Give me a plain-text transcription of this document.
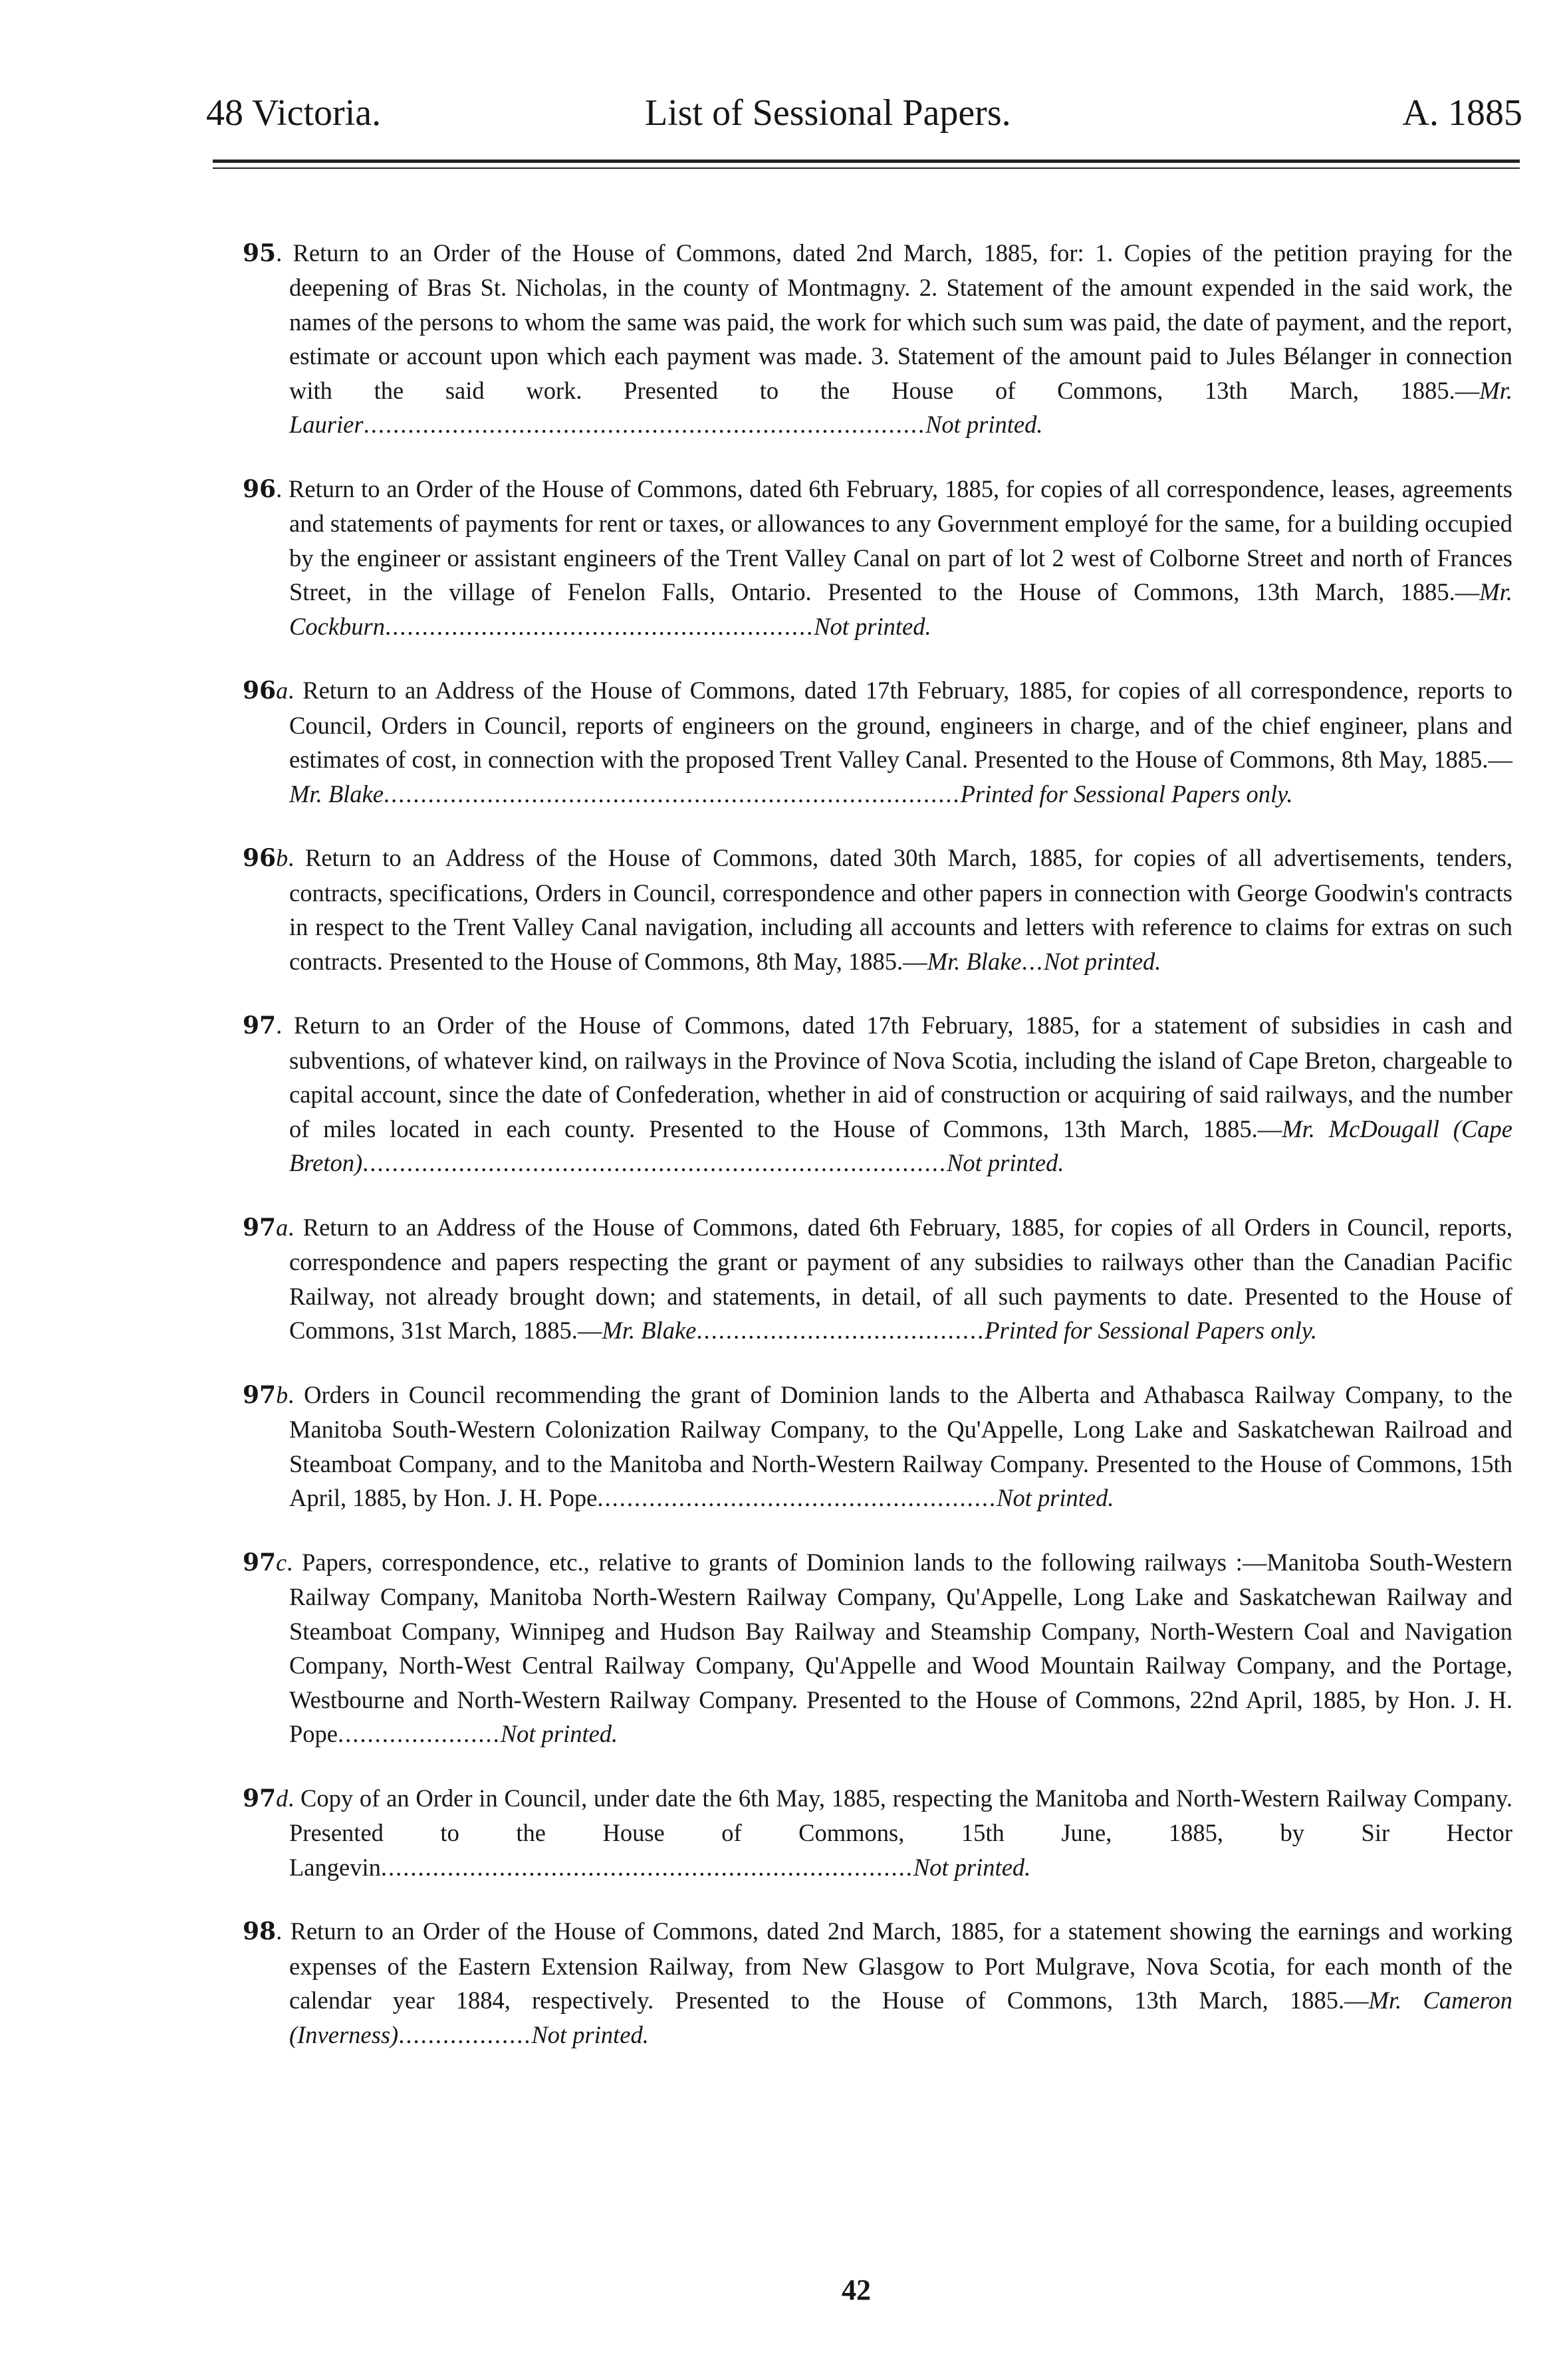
48 Victoria.	List of Sessional Papers.	A. 1885

95. Return to an Order of the House of Commons, dated 2nd March, 1885, for: 1. Copies of the petition praying for the deepening of Bras St. Nicholas, in the county of Montmagny. 2. Statement of the amount expended in the said work, the names of the persons to whom the same was paid, the work for which such sum was paid, the date of payment, and the report, estimate or account upon which each payment was made. 3. Statement of the amount paid to Jules Bélanger in connection with the said work. Presented to the House of Commons, 13th March, 1885.—Mr. Laurier............................................................................Not printed.

96. Return to an Order of the House of Commons, dated 6th February, 1885, for copies of all correspondence, leases, agreements and statements of payments for rent or taxes, or allowances to any Government employé for the same, for a building occupied by the engineer or assistant engineers of the Trent Valley Canal on part of lot 2 west of Colborne Street and north of Frances Street, in the village of Fenelon Falls, Ontario. Presented to the House of Commons, 13th March, 1885.—Mr. Cockburn..........................................................Not printed.

96a. Return to an Address of the House of Commons, dated 17th February, 1885, for copies of all correspondence, reports to Council, Orders in Council, reports of engineers on the ground, engineers in charge, and of the chief engineer, plans and estimates of cost, in connection with the proposed Trent Valley Canal. Presented to the House of Commons, 8th May, 1885.—Mr. Blake..............................................................................Printed for Sessional Papers only.

96b. Return to an Address of the House of Commons, dated 30th March, 1885, for copies of all advertisements, tenders, contracts, specifications, Orders in Council, correspondence and other papers in connection with George Goodwin's contracts in respect to the Trent Valley Canal navigation, including all accounts and letters with reference to claims for extras on such contracts. Presented to the House of Commons, 8th May, 1885.—Mr. Blake...Not printed.

97. Return to an Order of the House of Commons, dated 17th February, 1885, for a statement of subsidies in cash and subventions, of whatever kind, on railways in the Province of Nova Scotia, including the island of Cape Breton, chargeable to capital account, since the date of Confederation, whether in aid of construction or acquiring of said railways, and the number of miles located in each county. Presented to the House of Commons, 13th March, 1885.—Mr. McDougall (Cape Breton)...............................................................................Not printed.

97a. Return to an Address of the House of Commons, dated 6th February, 1885, for copies of all Orders in Council, reports, correspondence and papers respecting the grant or payment of any subsidies to railways other than the Canadian Pacific Railway, not already brought down; and statements, in detail, of all such payments to date. Presented to the House of Commons, 31st March, 1885.—Mr. Blake.......................................Printed for Sessional Papers only.

97b. Orders in Council recommending the grant of Dominion lands to the Alberta and Athabasca Railway Company, to the Manitoba South-Western Colonization Railway Company, to the Qu'Appelle, Long Lake and Saskatchewan Railroad and Steamboat Company, and to the Manitoba and North-Western Railway Company. Presented to the House of Commons, 15th April, 1885, by Hon. J. H. Pope......................................................Not printed.

97c. Papers, correspondence, etc., relative to grants of Dominion lands to the following railways :—Manitoba South-Western Railway Company, Manitoba North-Western Railway Company, Qu'Appelle, Long Lake and Saskatchewan Railway and Steamboat Company, Winnipeg and Hudson Bay Railway and Steamship Company, North-Western Coal and Navigation Company, North-West Central Railway Company, Qu'Appelle and Wood Mountain Railway Company, and the Portage, Westbourne and North-Western Railway Company. Presented to the House of Commons, 22nd April, 1885, by Hon. J. H. Pope......................Not printed.

97d. Copy of an Order in Council, under date the 6th May, 1885, respecting the Manitoba and North-Western Railway Company. Presented to the House of Commons, 15th June, 1885, by Sir Hector Langevin........................................................................Not printed.

98. Return to an Order of the House of Commons, dated 2nd March, 1885, for a statement showing the earnings and working expenses of the Eastern Extension Railway, from New Glasgow to Port Mulgrave, Nova Scotia, for each month of the calendar year 1884, respectively. Presented to the House of Commons, 13th March, 1885.—Mr. Cameron (Inverness)..................Not printed.

42
